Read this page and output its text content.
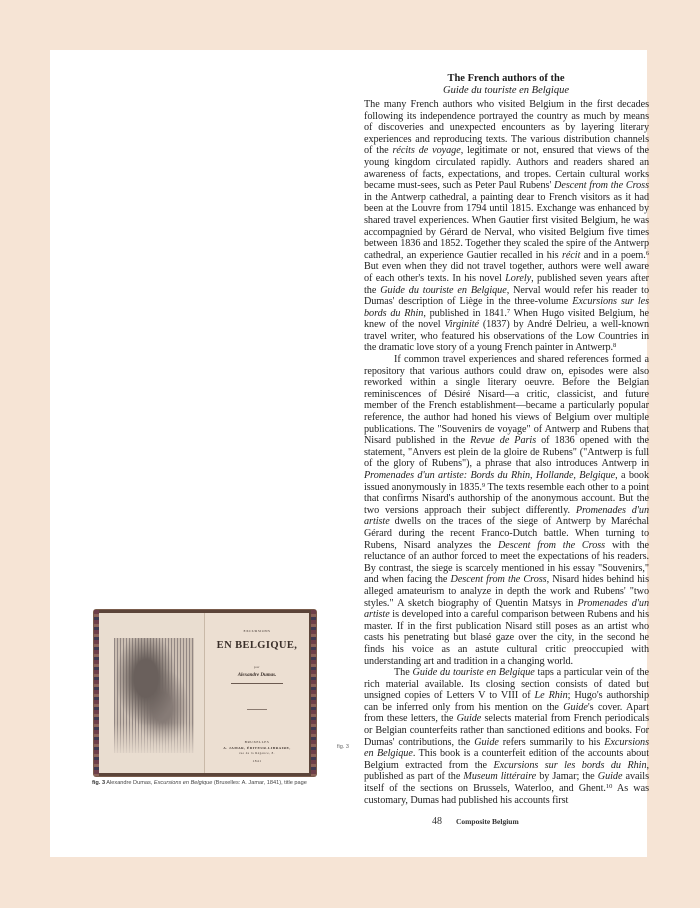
The French authors of the
Guide du touriste en Belgique

The many French authors who visited Belgium in the first decades following its independence portrayed the country as much by means of discoveries and unexpected encounters as by layering literary experiences and reproducing texts. The various distribution channels of the récits de voyage, legitimate or not, ensured that views of the young kingdom circulated rapidly. Authors and readers shared an awareness of facts, expectations, and tropes. Certain cultural works became must-sees, such as Peter Paul Rubens' Descent from the Cross in the Antwerp cathedral, a painting dear to French visitors as it had been at the Louvre from 1794 until 1815. Exchange was enhanced by shared travel experiences. When Gautier first visited Belgium, he was accompagnied by Gérard de Nerval, who visited Belgium five times between 1836 and 1852. Together they scaled the spire of the Antwerp cathedral, an experience Gautier recalled in his récit and in a poem.$^6$ But even when they did not travel together, authors were well aware of each other's texts. In his novel Lorely, published seven years after the Guide du touriste en Belgique, Nerval would refer his reader to Dumas' description of Liège in the three-volume Excursions sur les bords du Rhin, published in 1841.$^7$ When Hugo visited Belgium, he knew of the novel Virginité (1837) by André Delrieu, a well-known travel writer, who featured his observations of the Low Countries in the dramatic love story of a young French painter in Antwerp.$^8$

If common travel experiences and shared references formed a repository that various authors could draw on, episodes were also reworked within a single literary oeuvre. Before the Belgian reminiscences of Désiré Nisard—a critic, classicist, and future member of the French establishment—became a particularly popular reference, the author had honed his views of Belgium over multiple publications. The "Souvenirs de voyage" of Antwerp and Rubens that Nisard published in the Revue de Paris of 1836 opened with the statement, "Anvers est plein de la gloire de Rubens" ("Antwerp is full of the glory of Rubens"), a phrase that also introduces Antwerp in Promenades d'un artiste: Bords du Rhin, Hollande, Belgique, a book issued anonymously in 1835.$^9$ The texts resemble each other to a point that confirms Nisard's authorship of the anonymous account. But the two versions approach their subject differently. Promenades d'un artiste dwells on the traces of the siege of Antwerp by Maréchal Gérard during the recent Franco-Dutch battle. When turning to Rubens, Nisard analyzes the Descent from the Cross with the reluctance of an author forced to meet the expectations of his readers. By contrast, the siege is scarcely mentioned in his essay "Souvenirs," and when facing the Descent from the Cross, Nisard hides behind his alleged amateurism to analyze in depth the work and Rubens' "two styles." A sketch biography of Quentin Matsys in Promenades d'un artiste is developed into a careful comparison between Rubens and his master. If in the first publication Nisard still poses as an artist who casts his penetrating but blasé gaze over the city, in the second he finds his voice as an astute cultural critic preoccupied with understanding art and tradition in a changing world.

The Guide du touriste en Belgique taps a particular vein of the rich material available. Its closing section consists of dated but unsigned copies of Letters V to VIII of Le Rhin; Hugo's authorship can be inferred only from his mention on the Guide's cover. Apart from these letters, the Guide selects material from French periodicals or Belgian counterfeits rather than sanctioned editions and books. For Dumas' contributions, the Guide refers summarily to his Excursions en Belgique. This book is a counterfeit edition of the accounts about Belgium extracted from the Excursions sur les bords du Rhin, published as part of the Museum littéraire by Jamar; the Guide avails itself of the sections on Brussels, Waterloo, and Ghent.$^{10}$ As was customary, Dumas had published his accounts first

48 Composite Belgium
EXCURSIONS
EN BELGIQUE,
par
Alexandre Dumas.
BRUXELLES
A. JAMAR, ÉDITEUR-LIBRAIRE,
rue de la Régence, 8.
1841
fig. 3
fig. 3 Alexandre Dumas, Excursions en Belgique (Bruxelles: A. Jamar, 1841), title page
